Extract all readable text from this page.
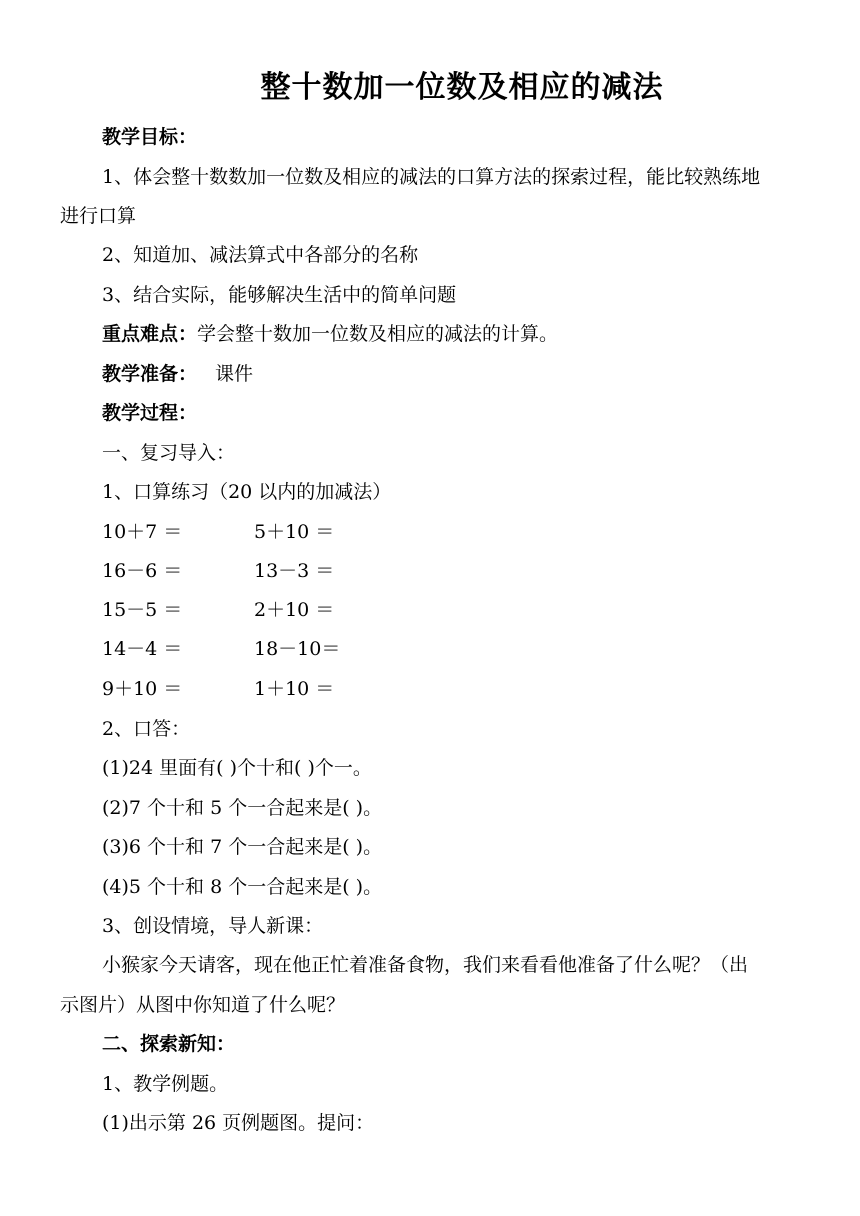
整十数加一位数及相应的减法
教学目标：
1、体会整十数数加一位数及相应的减法的口算方法的探索过程，能比较熟练地
进行口算
2、知道加、减法算式中各部分的名称
3、结合实际，能够解决生活中的简单问题
重点难点：学会整十数加一位数及相应的减法的计算。
教学准备： 课件
教学过程：
一、复习导入：
1、口算练习（20 以内的加减法）
10＋7 ＝	5＋10 ＝
16－6 ＝	13－3 ＝
15－5 ＝	2＋10 ＝
14－4 ＝	18－10＝
9＋10 ＝	1＋10 ＝
2、口答：
(1)24 里面有( )个十和( )个一。
(2)7 个十和 5 个一合起来是( )。
(3)6 个十和 7 个一合起来是( )。
(4)5 个十和 8 个一合起来是( )。
3、创设情境，导人新课：
小猴家今天请客，现在他正忙着准备食物，我们来看看他准备了什么呢？（出
示图片）从图中你知道了什么呢？
二、探索新知：
1、教学例题。
(1)出示第 26 页例题图。提问：
